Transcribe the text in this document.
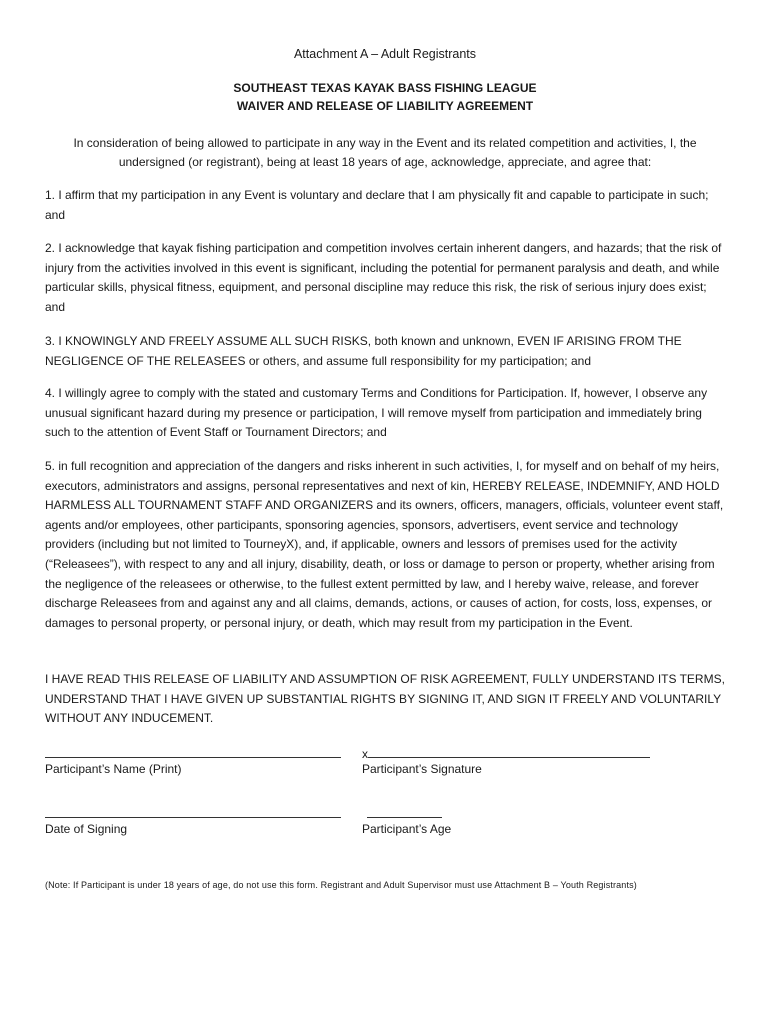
Attachment A – Adult Registrants
SOUTHEAST TEXAS KAYAK BASS FISHING LEAGUE
WAIVER AND RELEASE OF LIABILITY AGREEMENT
In consideration of being allowed to participate in any way in the Event and its related competition and activities, I, the undersigned (or registrant), being at least 18 years of age, acknowledge, appreciate, and agree that:

1. I affirm that my participation in any Event is voluntary and declare that I am physically fit and capable to participate in such; and

2. I acknowledge that kayak fishing participation and competition involves certain inherent dangers, and hazards; that the risk of injury from the activities involved in this event is significant, including the potential for permanent paralysis and death, and while particular skills, physical fitness, equipment, and personal discipline may reduce this risk, the risk of serious injury does exist; and

3. I KNOWINGLY AND FREELY ASSUME ALL SUCH RISKS, both known and unknown, EVEN IF ARISING FROM THE NEGLIGENCE OF THE RELEASEES or others, and assume full responsibility for my participation; and

4. I willingly agree to comply with the stated and customary Terms and Conditions for Participation. If, however, I observe any unusual significant hazard during my presence or participation, I will remove myself from participation and immediately bring such to the attention of Event Staff or Tournament Directors; and

5. in full recognition and appreciation of the dangers and risks inherent in such activities, I, for myself and on behalf of my heirs, executors, administrators and assigns, personal representatives and next of kin, HEREBY RELEASE, INDEMNIFY, AND HOLD HARMLESS ALL TOURNAMENT STAFF AND ORGANIZERS and its owners, officers, managers, officials, volunteer event staff, agents and/or employees, other participants, sponsoring agencies, sponsors, advertisers, event service and technology providers (including but not limited to TourneyX), and, if applicable, owners and lessors of premises used for the activity (“Releasees”), with respect to any and all injury, disability, death, or loss or damage to person or property, whether arising from the negligence of the releasees or otherwise, to the fullest extent permitted by law, and I hereby waive, release, and forever discharge Releasees from and against any and all claims, demands, actions, or causes of action, for costs, loss, expenses, or damages to personal property, or personal injury, or death, which may result from my participation in the Event.

I HAVE READ THIS RELEASE OF LIABILITY AND ASSUMPTION OF RISK AGREEMENT, FULLY UNDERSTAND ITS TERMS, UNDERSTAND THAT I HAVE GIVEN UP SUBSTANTIAL RIGHTS BY SIGNING IT, AND SIGN IT FREELY AND VOLUNTARILY WITHOUT ANY INDUCEMENT.

Participant’s Name (Print)
x
Participant’s Signature
Date of Signing	Participant’s Age
(Note: If Participant is under 18 years of age, do not use this form. Registrant and Adult Supervisor must use Attachment B – Youth Registrants)
